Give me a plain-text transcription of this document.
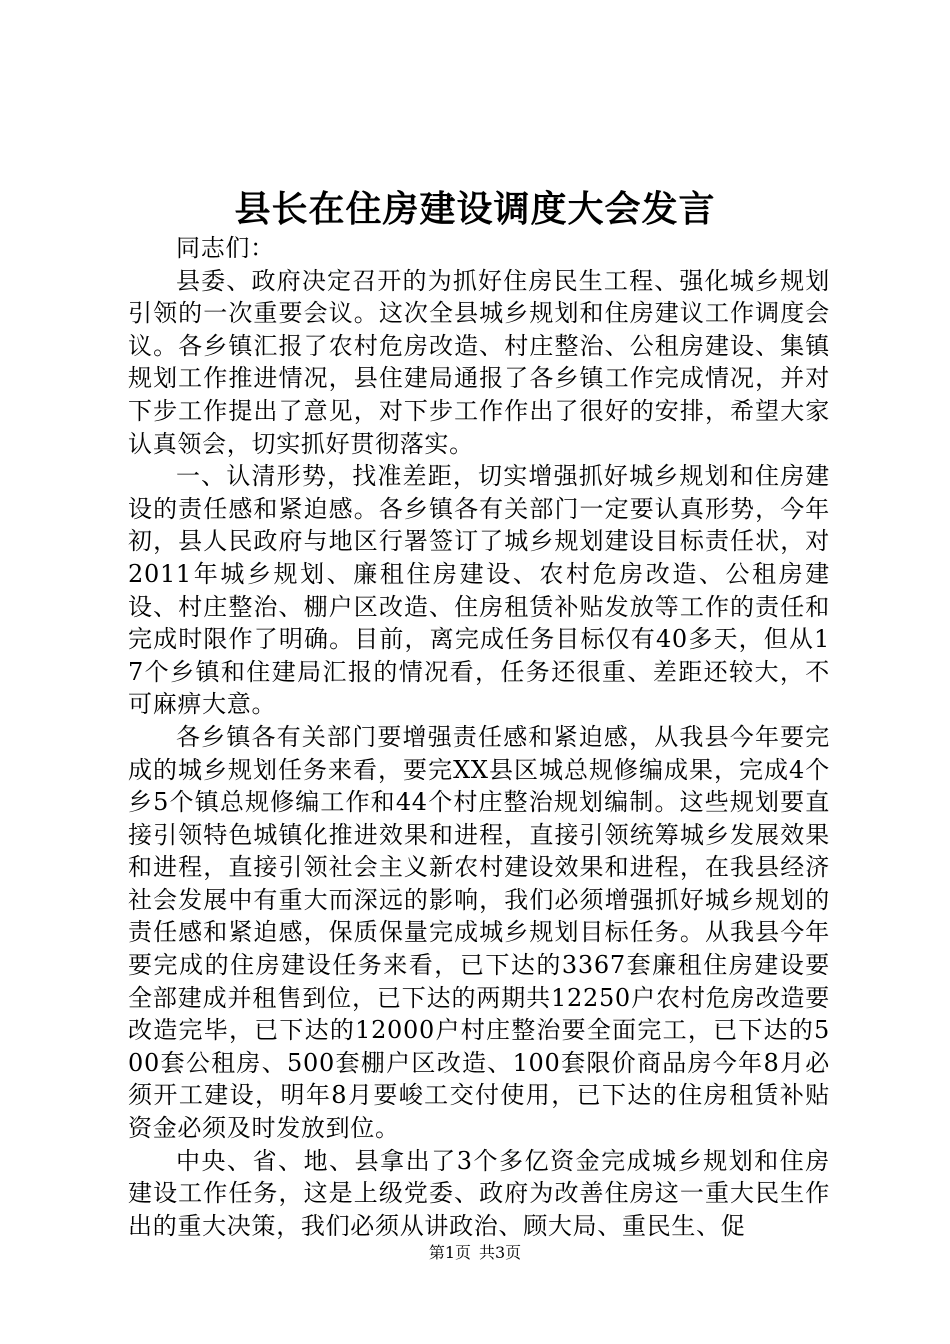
县长在住房建设调度大会发言

同志们：

县委、政府决定召开的为抓好住房民生工程、强化城乡规划引领的一次重要会议。这次全县城乡规划和住房建议工作调度会议。各乡镇汇报了农村危房改造、村庄整治、公租房建设、集镇规划工作推进情况，县住建局通报了各乡镇工作完成情况，并对下步工作提出了意见，对下步工作作出了很好的安排，希望大家认真领会，切实抓好贯彻落实。

一、认清形势，找准差距，切实增强抓好城乡规划和住房建设的责任感和紧迫感。各乡镇各有关部门一定要认真形势，今年初，县人民政府与地区行署签订了城乡规划建设目标责任状，对2011年城乡规划、廉租住房建设、农村危房改造、公租房建设、村庄整治、棚户区改造、住房租赁补贴发放等工作的责任和完成时限作了明确。目前，离完成任务目标仅有40多天，但从17个乡镇和住建局汇报的情况看，任务还很重、差距还较大，不可麻痹大意。

各乡镇各有关部门要增强责任感和紧迫感，从我县今年要完成的城乡规划任务来看，要完XX县区城总规修编成果，完成4个乡5个镇总规修编工作和44个村庄整治规划编制。这些规划要直接引领特色城镇化推进效果和进程，直接引领统筹城乡发展效果和进程，直接引领社会主义新农村建设效果和进程，在我县经济社会发展中有重大而深远的影响，我们必须增强抓好城乡规划的责任感和紧迫感，保质保量完成城乡规划目标任务。从我县今年要完成的住房建设任务来看，已下达的3367套廉租住房建设要全部建成并租售到位，已下达的两期共12250户农村危房改造要改造完毕，已下达的12000户村庄整治要全面完工，已下达的500套公租房、500套棚户区改造、100套限价商品房今年8月必须开工建设，明年8月要峻工交付使用，已下达的住房租赁补贴资金必须及时发放到位。

中央、省、地、县拿出了3个多亿资金完成城乡规划和住房建设工作任务，这是上级党委、政府为改善住房这一重大民生作出的重大决策，我们必须从讲政治、顾大局、重民生、促

第1页 共3页
